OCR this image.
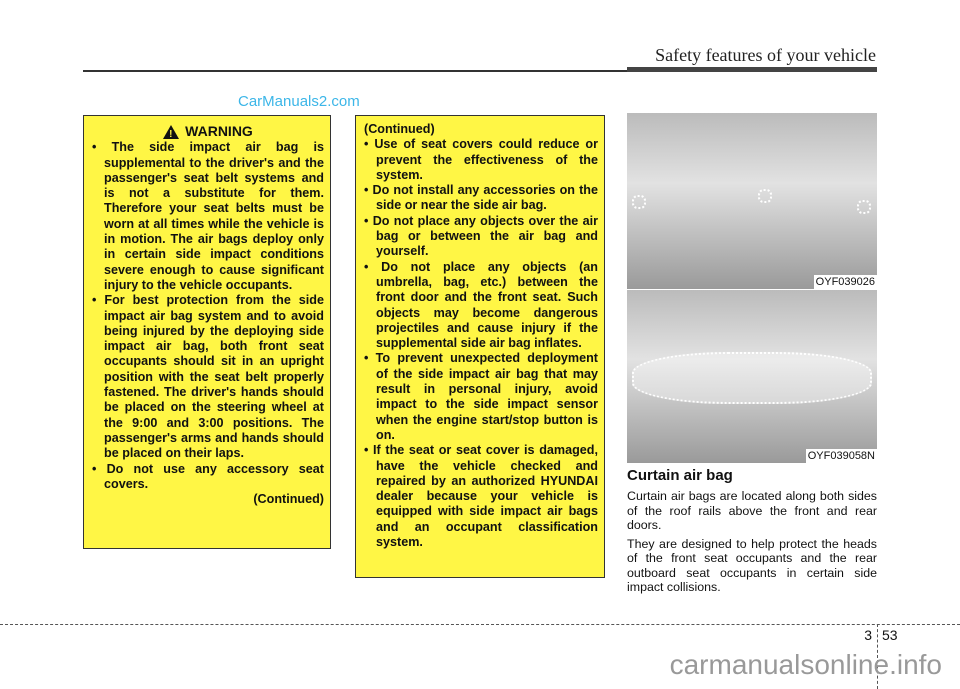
Safety features of your vehicle
CarManuals2.com
!
WARNING
• The side impact air bag is supplemental to the driver's and the passenger's seat belt systems and is not a substitute for them. Therefore your seat belts must be worn at all times while the vehicle is in motion. The air bags deploy only in certain side impact conditions severe enough to cause significant injury to the vehicle occupants.
• For best protection from the side impact air bag system and to avoid being injured by the deploying side impact air bag, both front seat occupants should sit in an upright position with the seat belt properly fastened. The driver's hands should be placed on the steering wheel at the 9:00 and 3:00 positions. The passenger's arms and hands should be placed on their laps.
• Do not use any accessory seat covers.
(Continued)
(Continued)
• Use of seat covers could reduce or prevent the effectiveness of the system.
• Do not install any accessories on the side or near the side air bag.
• Do not place any objects over the air bag or between the air bag and yourself.
• Do not place any objects (an umbrella, bag, etc.) between the front door and the front seat. Such objects may become dangerous projectiles and cause injury if the supplemental side air bag inflates.
• To prevent unexpected deployment of the side impact air bag that may result in personal injury, avoid impact to the side impact sensor when the engine start/stop button is on.
• If the seat or seat cover is damaged, have the vehicle checked and repaired by an authorized HYUNDAI dealer because your vehicle is equipped with side impact air bags and an occupant classification system.
OYF039026
OYF039058N
Curtain air bag

Curtain air bags are located along both sides of the roof rails above the front and rear doors.

They are designed to help protect the heads of the front seat occupants and the rear outboard seat occupants in certain side impact collisions.

3 53
carmanualsonline.info
